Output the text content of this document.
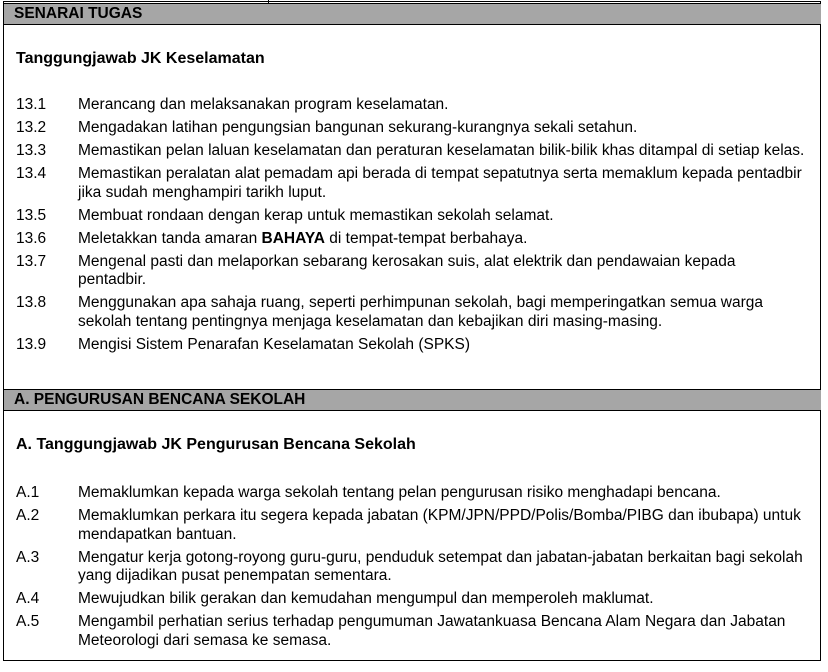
SENARAI TUGAS
Tanggungjawab JK Keselamatan
13.1	Merancang dan melaksanakan program keselamatan.
13.2	Mengadakan latihan pengungsian bangunan sekurang-kurangnya sekali setahun.
13.3	Memastikan pelan laluan keselamatan dan peraturan keselamatan bilik-bilik khas ditampal di setiap kelas.
13.4	Memastikan peralatan alat pemadam api berada di tempat sepatutnya serta memaklum kepada pentadbir jika sudah menghampiri tarikh luput.
13.5	Membuat rondaan dengan kerap untuk memastikan sekolah selamat.
13.6	Meletakkan tanda amaran BAHAYA di tempat-tempat berbahaya.
13.7	Mengenal pasti dan melaporkan sebarang kerosakan suis, alat elektrik dan pendawaian kepada pentadbir.
13.8	Menggunakan apa sahaja ruang, seperti perhimpunan sekolah, bagi memperingatkan semua warga sekolah tentang pentingnya menjaga keselamatan dan kebajikan diri masing-masing.
13.9	Mengisi Sistem Penarafan Keselamatan Sekolah (SPKS)
A. PENGURUSAN BENCANA SEKOLAH
A. Tanggungjawab JK Pengurusan Bencana Sekolah
A.1	Memaklumkan kepada warga sekolah tentang pelan pengurusan risiko menghadapi bencana.
A.2	Memaklumkan perkara itu segera kepada jabatan (KPM/JPN/PPD/Polis/Bomba/PIBG dan ibubapa) untuk mendapatkan bantuan.
A.3	Mengatur kerja gotong-royong guru-guru, penduduk setempat dan jabatan-jabatan berkaitan bagi sekolah yang dijadikan pusat penempatan sementara.
A.4	Mewujudkan bilik gerakan dan kemudahan mengumpul dan memperoleh maklumat.
A.5	Mengambil perhatian serius terhadap pengumuman Jawatankuasa Bencana Alam Negara dan Jabatan Meteorologi dari semasa ke semasa.
